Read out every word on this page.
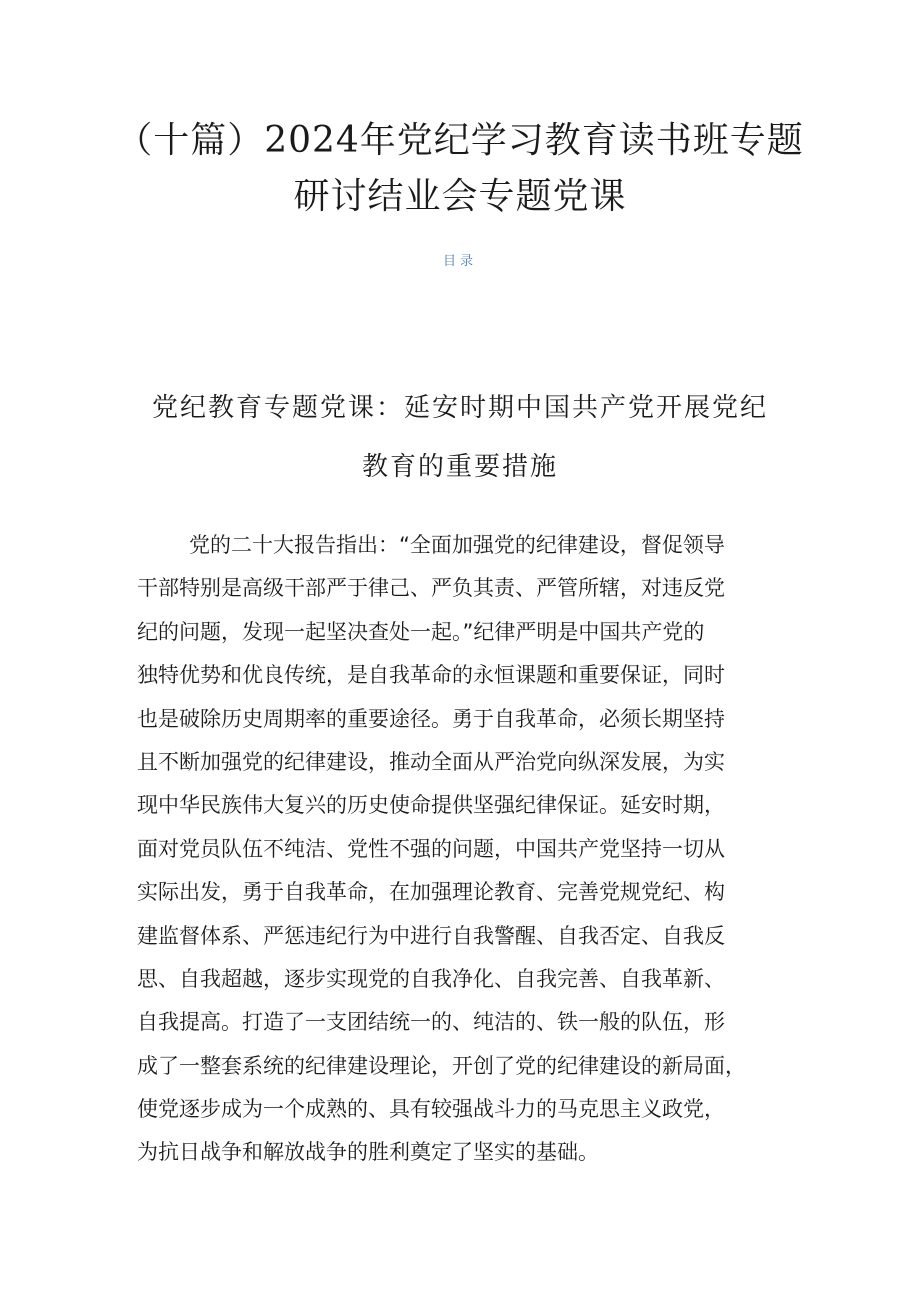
（十篇）2024年党纪学习教育读书班专题
研讨结业会专题党课
目录
党纪教育专题党课：延安时期中国共产党开展党纪
教育的重要措施
党的二十大报告指出：“全面加强党的纪律建设，督促领导
干部特别是高级干部严于律己、严负其责、严管所辖，对违反党
纪的问题，发现一起坚决查处一起。”纪律严明是中国共产党的
独特优势和优良传统，是自我革命的永恒课题和重要保证，同时
也是破除历史周期率的重要途径。勇于自我革命，必须长期坚持
且不断加强党的纪律建设，推动全面从严治党向纵深发展，为实
现中华民族伟大复兴的历史使命提供坚强纪律保证。延安时期，
面对党员队伍不纯洁、党性不强的问题，中国共产党坚持一切从
实际出发，勇于自我革命，在加强理论教育、完善党规党纪、构
建监督体系、严惩违纪行为中进行自我警醒、自我否定、自我反
思、自我超越，逐步实现党的自我净化、自我完善、自我革新、
自我提高。打造了一支团结统一的、纯洁的、铁一般的队伍，形
成了一整套系统的纪律建设理论，开创了党的纪律建设的新局面，
使党逐步成为一个成熟的、具有较强战斗力的马克思主义政党，
为抗日战争和解放战争的胜利奠定了坚实的基础。
